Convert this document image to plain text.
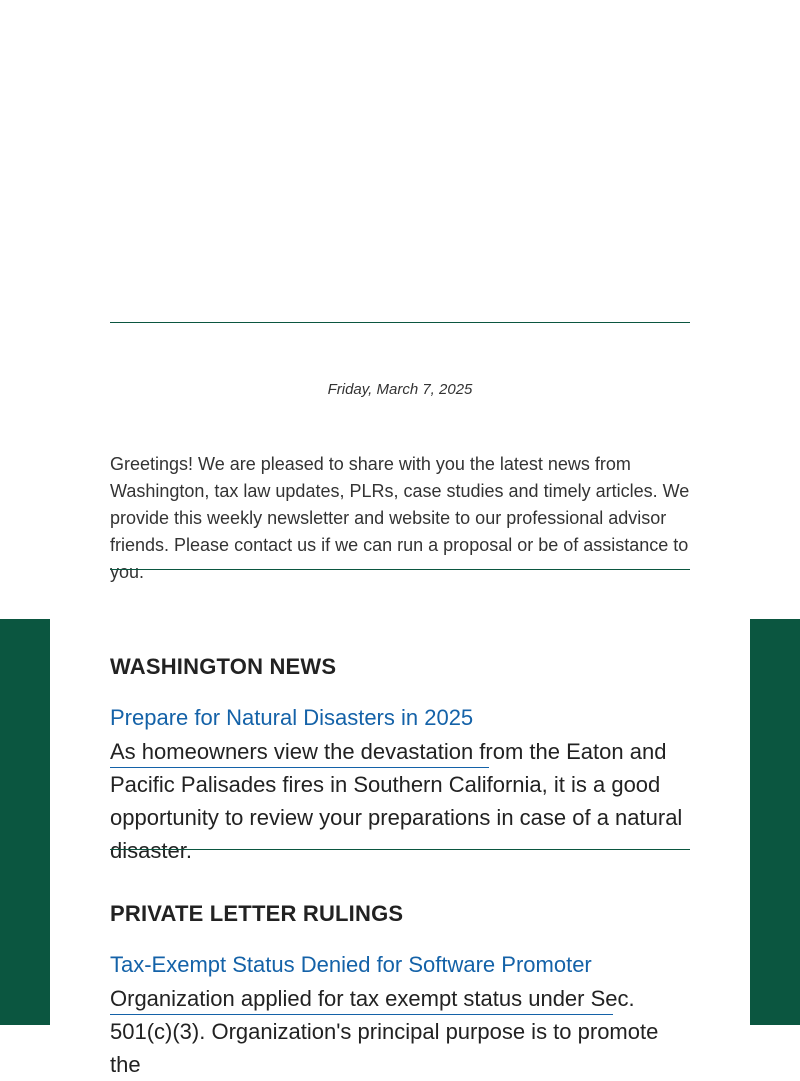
Friday, March 7, 2025

Greetings! We are pleased to share with you the latest news from Washington, tax law updates, PLRs, case studies and timely articles. We provide this weekly newsletter and website to our professional advisor friends. Please contact us if we can run a proposal or be of assistance to you.

WASHINGTON NEWS
Prepare for Natural Disasters in 2025

As homeowners view the devastation from the Eaton and Pacific Palisades fires in Southern California, it is a good opportunity to review your preparations in case of a natural disaster.

PRIVATE LETTER RULINGS
Tax-Exempt Status Denied for Software Promoter

Organization applied for tax exempt status under Sec. 501(c)(3). Organization's principal purpose is to promote the
